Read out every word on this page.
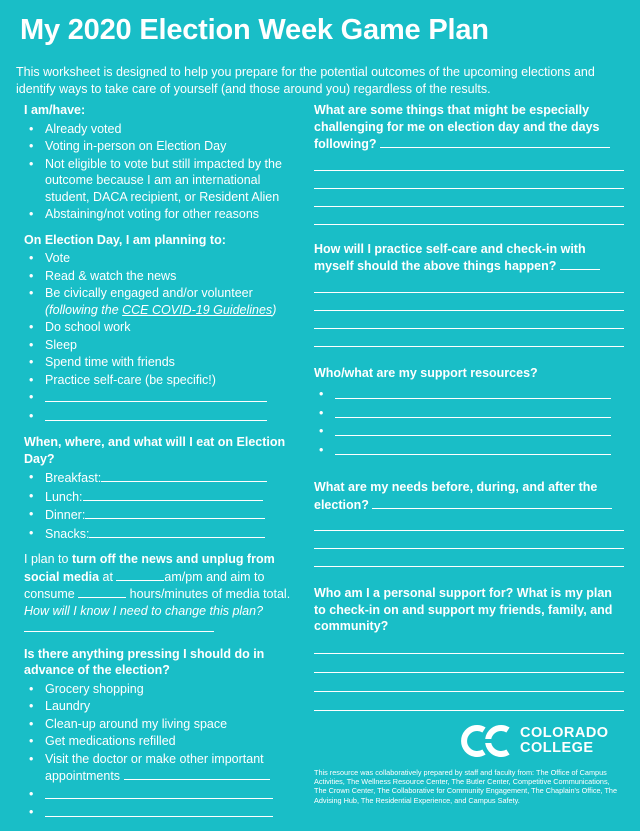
My 2020 Election Week Game Plan

This worksheet is designed to help you prepare for the potential outcomes of the upcoming elections and identify ways to take care of yourself (and those around you) regardless of the results.

I am/have:

• Already voted
• Voting in-person on Election Day
• Not eligible to vote but still impacted by the outcome because I am an international student, DACA recipient, or Resident Alien
• Abstaining/not voting for other reasons

On Election Day, I am planning to:

• Vote
• Read & watch the news
• Be civically engaged and/or volunteer
(following the CCE COVID-19 Guidelines)
• Do school work
• Sleep
• Spend time with friends
• Practice self-care (be specific!)
•
•

When, where, and what will I eat on Election Day?

• Breakfast:
• Lunch:
• Dinner:
• Snacks:

I plan to turn off the news and unplug from social media at	am/pm and aim to consume	hours/minutes of media total. How will I know I need to change this plan?

Is there anything pressing I should do in advance of the election?

• Grocery shopping
• Laundry
• Clean-up around my living space
• Get medications refilled
• Visit the doctor or make other important appointments
•
•

What are some things that might be especially challenging for me on election day and the days following?

How will I practice self-care and check-in with myself should the above things happen?

Who/what are my support resources?

•
•
•
•

What are my needs before, during, and after the election?

Who am I a personal support for? What is my plan to check-in on and support my friends, family, and community?

COLORADO
COLLEGE

This resource was collaboratively prepared by staff and faculty from: The Office of Campus Activities, The Wellness Resource Center, The Butler Center, Competitive Communications, The Crown Center, The Collaborative for Community Engagement, The Chaplain's Office, The Advising Hub, The Residential Experience, and Campus Safety.
